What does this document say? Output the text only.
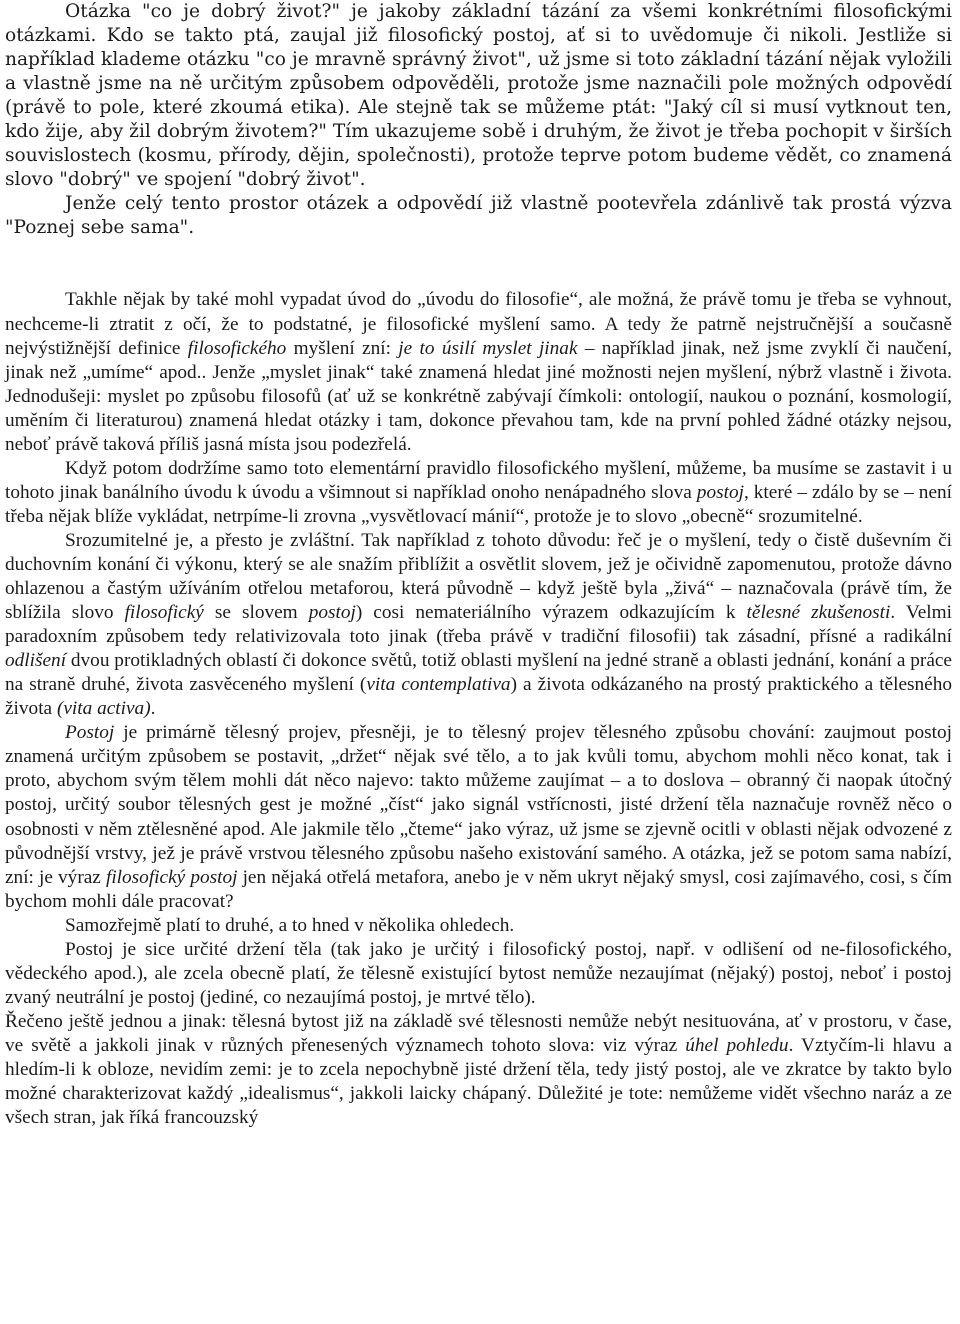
Otázka "co je dobrý život?" je jakoby základní tázání za všemi konkrétními filosofickými otázkami. Kdo se takto ptá, zaujal již filosofický postoj, ať si to uvědomuje či nikoli. Jestliže si například klademe otázku "co je mravně správný život", už jsme si toto základní tázání nějak vyložili a vlastně jsme na ně určitým způsobem odpověděli, protože jsme naznačili pole možných odpovědí (právě to pole, které zkoumá etika). Ale stejně tak se můžeme ptát: "Jaký cíl si musí vytknout ten, kdo žije, aby žil dobrým životem?" Tím ukazujeme sobě i druhým, že život je třeba pochopit v širších souvislostech (kosmu, přírody, dějin, společnosti), protože teprve potom budeme vědět, co znamená slovo "dobrý" ve spojení "dobrý život".

Jenže celý tento prostor otázek a odpovědí již vlastně pootevřela zdánlivě tak prostá výzva "Poznej sebe sama".

Takhle nějak by také mohl vypadat úvod do „úvodu do filosofie“, ale možná, že právě tomu je třeba se vyhnout, nechceme-li ztratit z očí, že to podstatné, je filosofické myšlení samo. A tedy že patrně nejstručnější a současně nejvýstižnější definice filosofického myšlení zní: je to úsilí myslet jinak – například jinak, než jsme zvyklí či naučení, jinak než „umíme“ apod.. Jenže „myslet jinak“ také znamená hledat jiné možnosti nejen myšlení, nýbrž vlastně i života. Jednodušeji: myslet po způsobu filosofů (ať už se konkrétně zabývají čímkoli: ontologií, naukou o poznání, kosmologií, uměním či literaturou) znamená hledat otázky i tam, dokonce převahou tam, kde na první pohled žádné otázky nejsou, neboť právě taková příliš jasná místa jsou podezřelá.

Když potom dodržíme samo toto elementární pravidlo filosofického myšlení, můžeme, ba musíme se zastavit i u tohoto jinak banálního úvodu k úvodu a všimnout si například onoho nenápadného slova postoj, které – zdálo by se – není třeba nějak blíže vykládat, netrpíme-li zrovna „vysvětlovací mánií“, protože je to slovo „obecně“ srozumitelné.

Srozumitelné je, a přesto je zvláštní. Tak například z tohoto důvodu: řeč je o myšlení, tedy o čistě duševním či duchovním konání či výkonu, který se ale snažím přiblížit a osvětlit slovem, jež je očividně zapomenutou, protože dávno ohlazenou a častým užíváním otřelou metaforou, která původně – když ještě byla „živá“ – naznačovala (právě tím, že sblížila slovo filosofický se slovem postoj) cosi nemateriálního výrazem odkazujícím k tělesné zkušenosti. Velmi paradoxním způsobem tedy relativizovala toto jinak (třeba právě v tradiční filosofii) tak zásadní, přísné a radikální odlišení dvou protikladných oblastí či dokonce světů, totiž oblasti myšlení na jedné straně a oblasti jednání, konání a práce na straně druhé, života zasvěceného myšlení (vita contemplativa) a života odkázaného na prostý praktického a tělesného života (vita activa).

Postoj je primárně tělesný projev, přesněji, je to tělesný projev tělesného způsobu chování: zaujmout postoj znamená určitým způsobem se postavit, „držet“ nějak své tělo, a to jak kvůli tomu, abychom mohli něco konat, tak i proto, abychom svým tělem mohli dát něco najevo: takto můžeme zaujímat – a to doslova – obranný či naopak útočný postoj, určitý soubor tělesných gest je možné „číst“ jako signál vstřícnosti, jisté držení těla naznačuje rovněž něco o osobnosti v něm ztělesněné apod. Ale jakmile tělo „čteme“ jako výraz, už jsme se zjevně ocitli v oblasti nějak odvozené z původnější vrstvy, jež je právě vrstvou tělesného způsobu našeho existování samého. A otázka, jež se potom sama nabízí, zní: je výraz filosofický postoj jen nějaká otřelá metafora, anebo je v něm ukryt nějaký smysl, cosi zajímavého, cosi, s čím bychom mohli dále pracovat?

Samozřejmě platí to druhé, a to hned v několika ohledech.

Postoj je sice určité držení těla (tak jako je určitý i filosofický postoj, např. v odlišení od ne-filosofického, vědeckého apod.), ale zcela obecně platí, že tělesně existující bytost nemůže nezaujímat (nějaký) postoj, neboť i postoj zvaný neutrální je postoj (jediné, co nezaujímá postoj, je mrtvé tělo).

Řečeno ještě jednou a jinak: tělesná bytost již na základě své tělesnosti nemůže nebýt nesituována, ať v prostoru, v čase, ve světě a jakkoli jinak v různých přenesených významech tohoto slova: viz výraz úhel pohledu. Vztyčím-li hlavu a hledím-li k obloze, nevidím zemi: je to zcela nepochybně jisté držení těla, tedy jistý postoj, ale ve zkratce by takto bylo možné charakterizovat každý „idealismus“, jakkoli laicky chápaný. Důležité je tote: nemůžeme vidět všechno naráz a ze všech stran, jak říká francouzský
